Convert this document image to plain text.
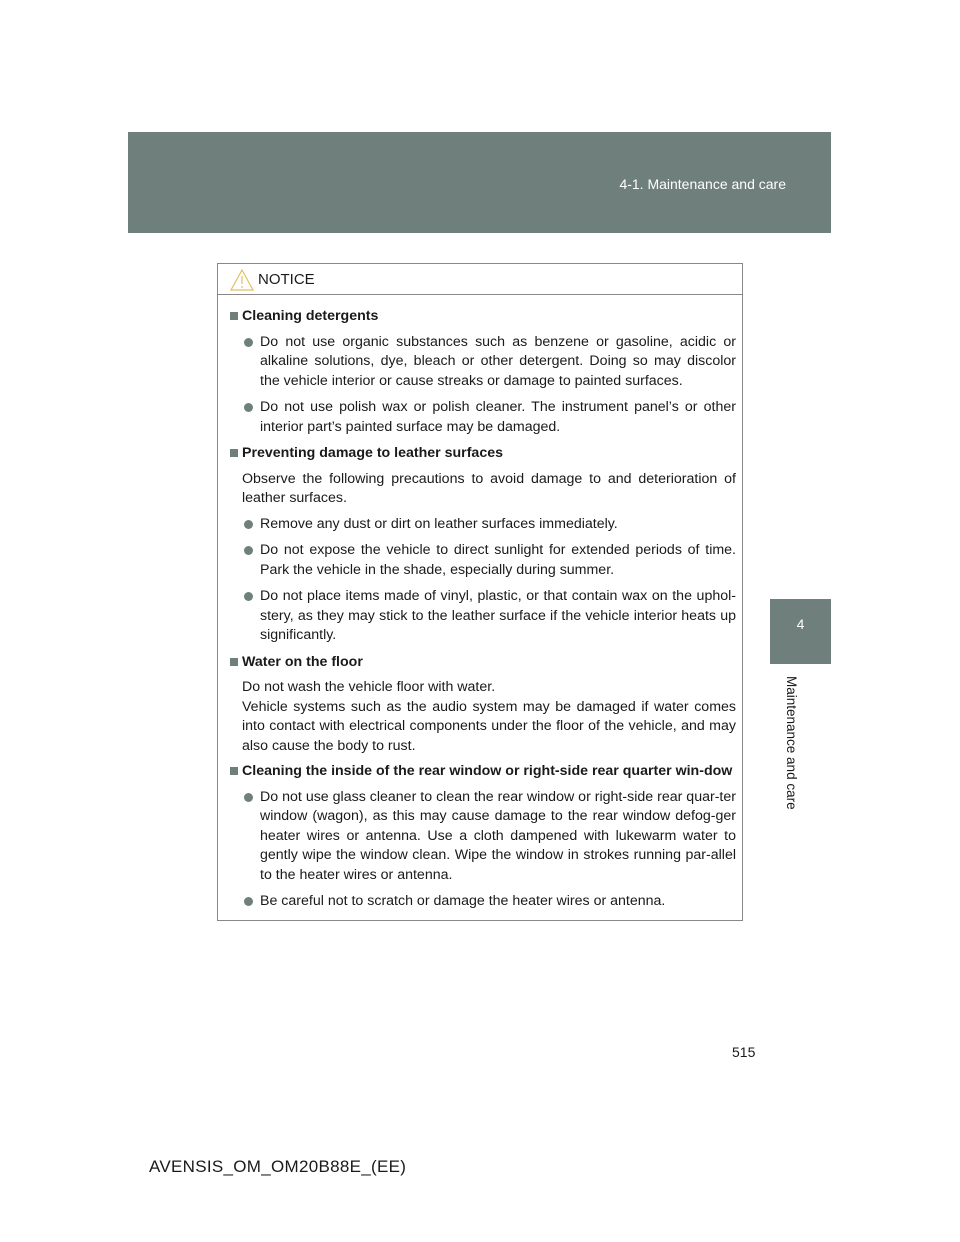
4-1. Maintenance and care
4
Maintenance and care
NOTICE

Cleaning detergents

Do not use organic substances such as benzene or gasoline, acidic or alkaline solutions, dye, bleach or other detergent. Doing so may discolor the vehicle interior or cause streaks or damage to painted surfaces.

Do not use polish wax or polish cleaner. The instrument panel’s or other interior part’s painted surface may be damaged.

Preventing damage to leather surfaces

Observe the following precautions to avoid damage to and deterioration of leather surfaces.

Remove any dust or dirt on leather surfaces immediately.

Do not expose the vehicle to direct sunlight for extended periods of time. Park the vehicle in the shade, especially during summer.

Do not place items made of vinyl, plastic, or that contain wax on the uphol-stery, as they may stick to the leather surface if the vehicle interior heats up significantly.

Water on the floor

Do not wash the vehicle floor with water.

Vehicle systems such as the audio system may be damaged if water comes into contact with electrical components under the floor of the vehicle, and may also cause the body to rust.

Cleaning the inside of the rear window or right-side rear quarter win-dow

Do not use glass cleaner to clean the rear window or right-side rear quar-ter window (wagon), as this may cause damage to the rear window defog-ger heater wires or antenna. Use a cloth dampened with lukewarm water to gently wipe the window clean. Wipe the window in strokes running par-allel to the heater wires or antenna.

Be careful not to scratch or damage the heater wires or antenna.

515
AVENSIS_OM_OM20B88E_(EE)
